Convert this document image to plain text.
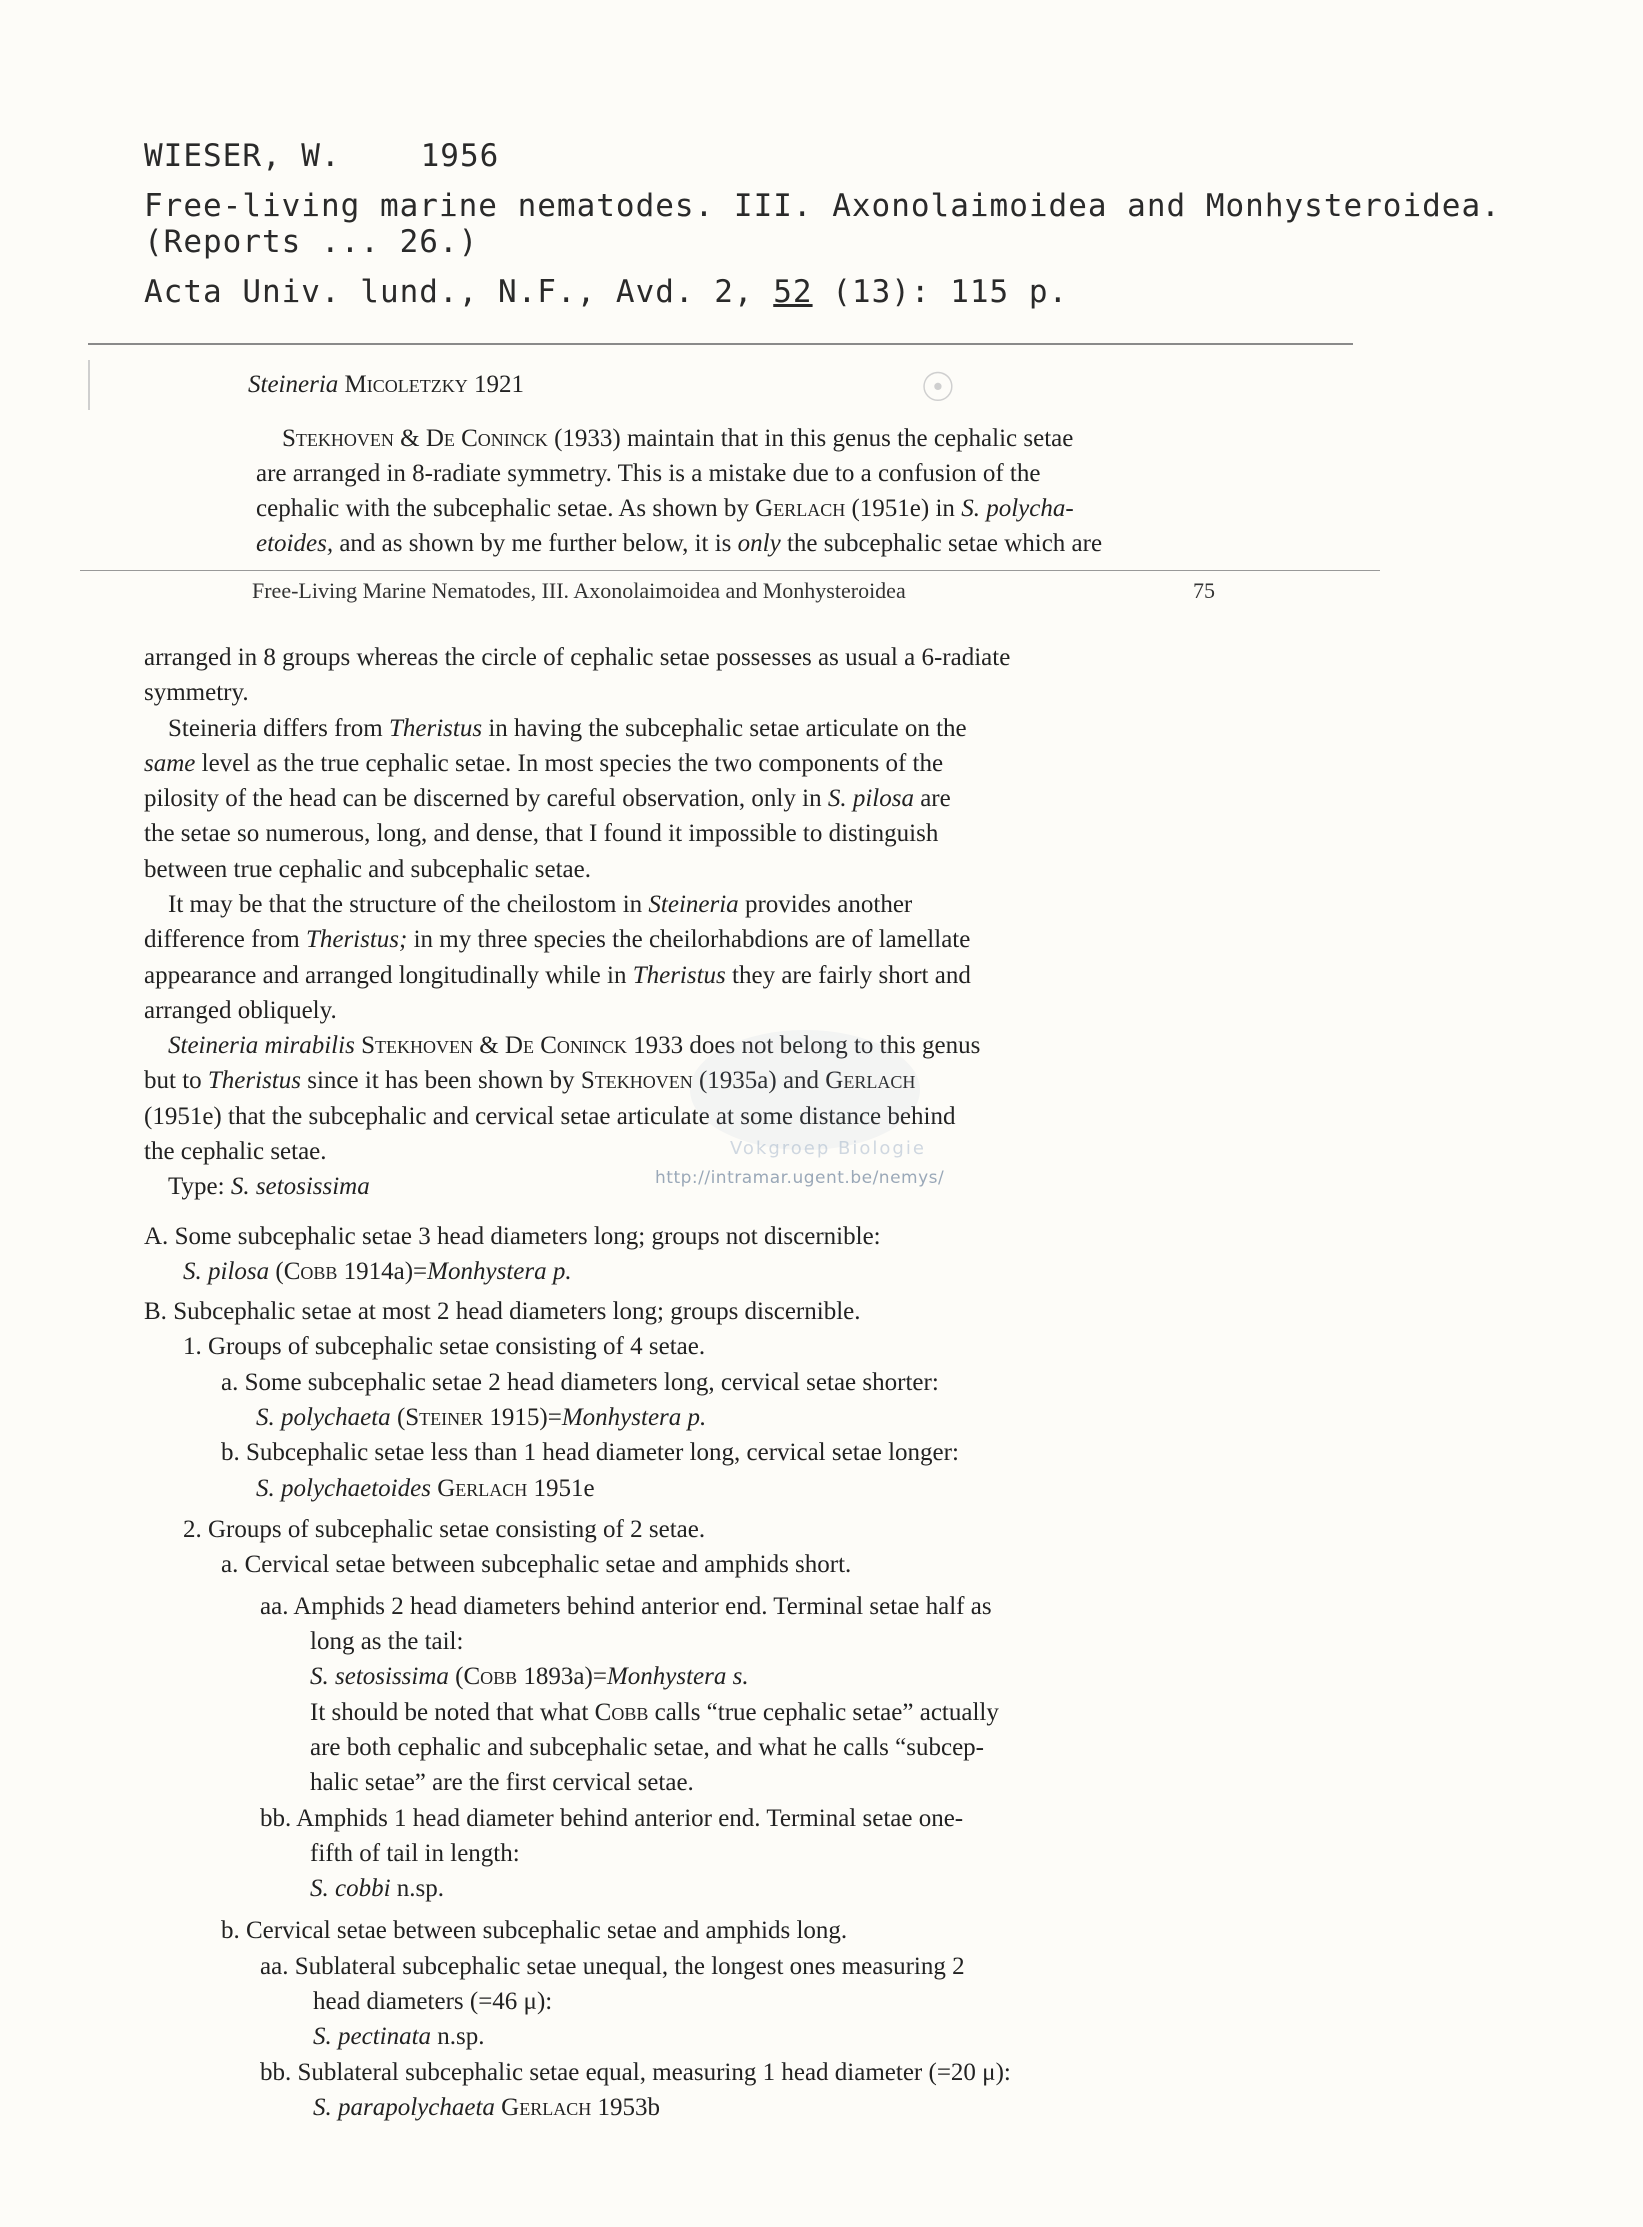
WIESER, W.	1956
Free-living marine nematodes. III. Axonolaimoidea and Monhysteroidea.
(Reports ... 26.)
Acta Univ. lund., N.F., Avd. 2, 52 (13): 115 p.
☉
Steineria Micoletzky 1921
Stekhoven & De Coninck (1933) maintain that in this genus the cephalic setae
are arranged in 8-radiate symmetry. This is a mistake due to a confusion of the
cephalic with the subcephalic setae. As shown by Gerlach (1951e) in S. polycha-
etoides, and as shown by me further below, it is only the subcephalic setae which are
Free-Living Marine Nematodes, III. Axonolaimoidea and Monhysteroidea	75
arranged in 8 groups whereas the circle of cephalic setae possesses as usual a 6-radiate
symmetry.
Steineria differs from Theristus in having the subcephalic setae articulate on the
same level as the true cephalic setae. In most species the two components of the
pilosity of the head can be discerned by careful observation, only in S. pilosa are
the setae so numerous, long, and dense, that I found it impossible to distinguish
between true cephalic and subcephalic setae.
It may be that the structure of the cheilostom in Steineria provides another
difference from Theristus; in my three species the cheilorhabdions are of lamellate
appearance and arranged longitudinally while in Theristus they are fairly short and
arranged obliquely.
Steineria mirabilis Stekhoven & De Coninck 1933 does not belong to this genus
but to Theristus since it has been shown by Stekhoven (1935a) and Gerlach
(1951e) that the subcephalic and cervical setae articulate at some distance behind
the cephalic setae.
Type: S. setosissima
A. Some subcephalic setae 3 head diameters long; groups not discernible:
S. pilosa (Cobb 1914a)=Monhystera p.
B. Subcephalic setae at most 2 head diameters long; groups discernible.
1. Groups of subcephalic setae consisting of 4 setae.
a. Some subcephalic setae 2 head diameters long, cervical setae shorter:
S. polychaeta (Steiner 1915)=Monhystera p.
b. Subcephalic setae less than 1 head diameter long, cervical setae longer:
S. polychaetoides Gerlach 1951e
2. Groups of subcephalic setae consisting of 2 setae.
a. Cervical setae between subcephalic setae and amphids short.
aa. Amphids 2 head diameters behind anterior end. Terminal setae half as
long as the tail:
S. setosissima (Cobb 1893a)=Monhystera s.
It should be noted that what Cobb calls “true cephalic setae” actually
are both cephalic and subcephalic setae, and what he calls “subcep-
halic setae” are the first cervical setae.
bb. Amphids 1 head diameter behind anterior end. Terminal setae one-
fifth of tail in length:
S. cobbi n.sp.
b. Cervical setae between subcephalic setae and amphids long.
aa. Sublateral subcephalic setae unequal, the longest ones measuring 2
head diameters (=46 μ):
S. pectinata n.sp.
bb. Sublateral subcephalic setae equal, measuring 1 head diameter (=20 μ):
S. parapolychaeta Gerlach 1953b
Vokgroep Biologie
http://intramar.ugent.be/nemys/
